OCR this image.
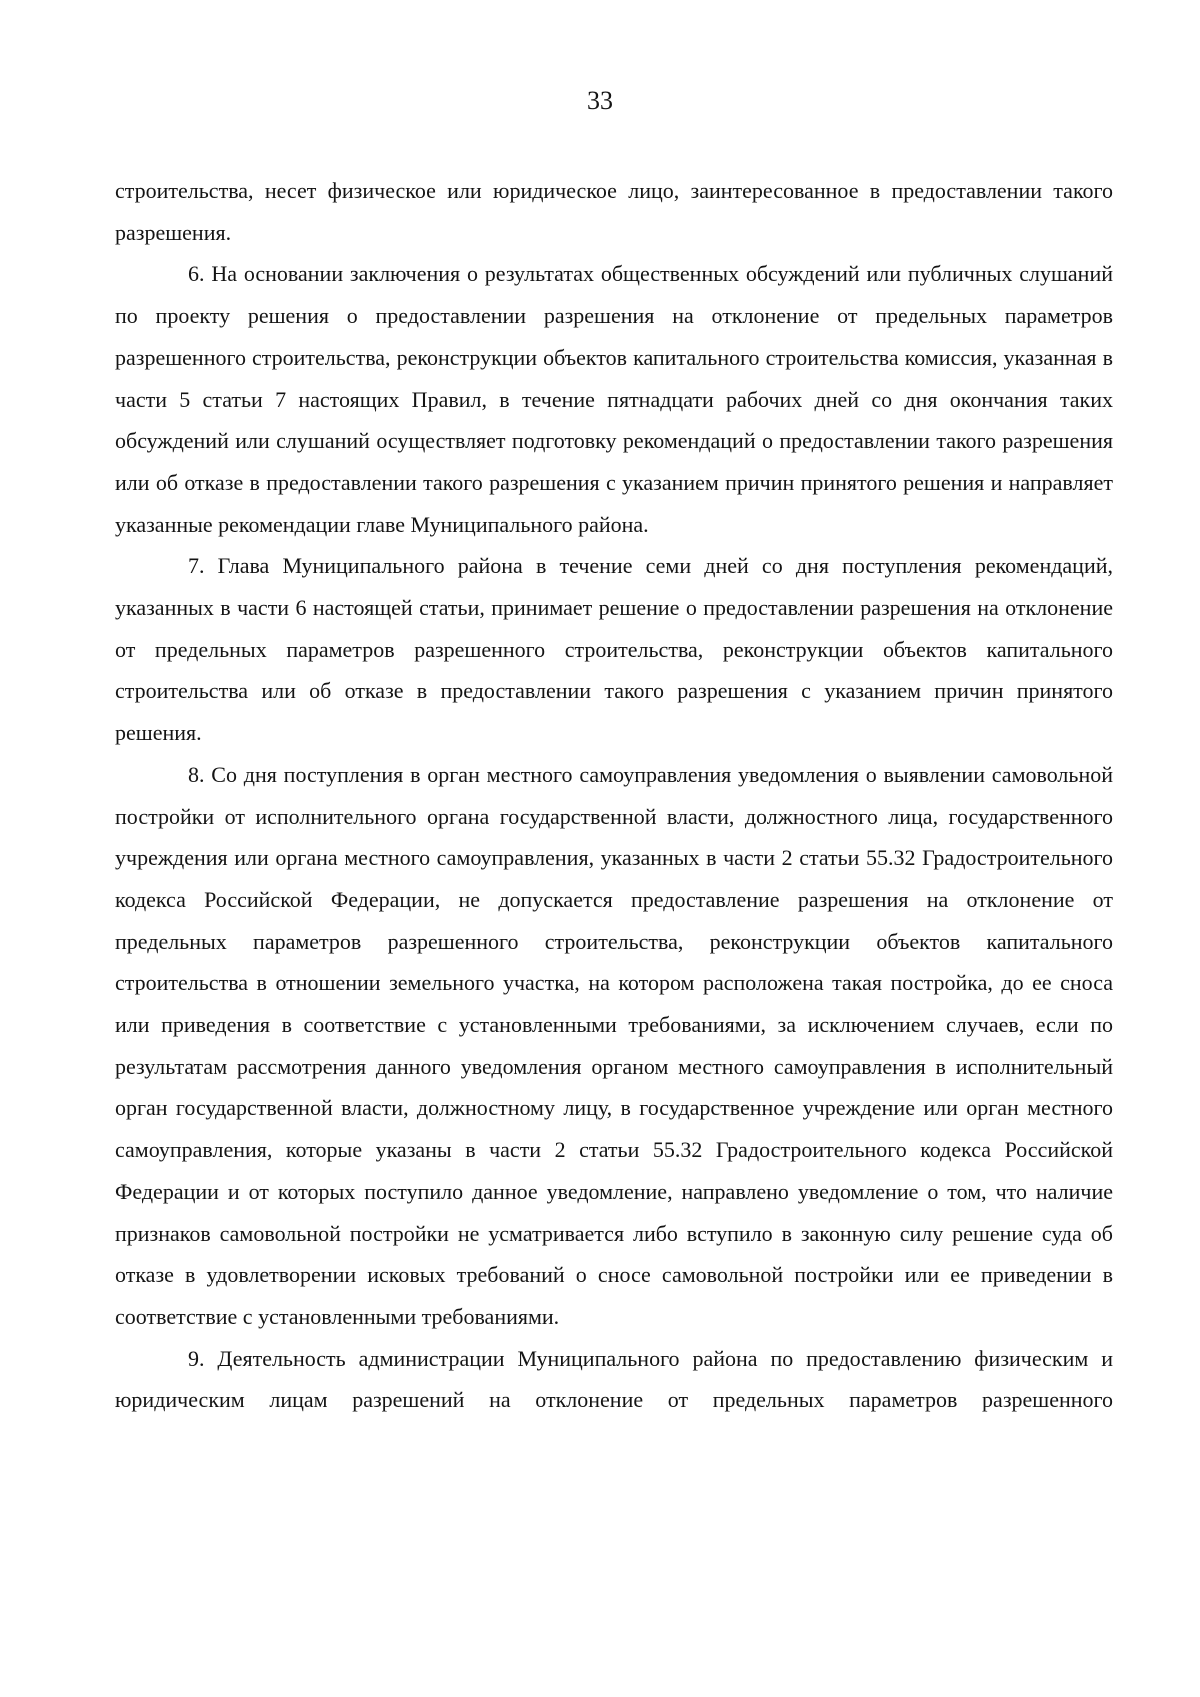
33

строительства, несет физическое или юридическое лицо, заинтересованное в предоставлении такого разрешения.

6. На основании заключения о результатах общественных обсуждений или публичных слушаний по проекту решения о предоставлении разрешения на отклонение от предельных параметров разрешенного строительства, реконструкции объектов капитального строительства комиссия, указанная в части 5 статьи 7 настоящих Правил, в течение пятнадцати рабочих дней со дня окончания таких обсуждений или слушаний осуществляет подготовку рекомендаций о предоставлении такого разрешения или об отказе в предоставлении такого разрешения с указанием причин принятого решения и направляет указанные рекомендации главе Муниципального района.

7. Глава Муниципального района в течение семи дней со дня поступления рекомендаций, указанных в части 6 настоящей статьи, принимает решение о предоставлении разрешения на отклонение от предельных параметров разрешенного строительства, реконструкции объектов капитального строительства или об отказе в предоставлении такого разрешения с указанием причин принятого решения.

8. Со дня поступления в орган местного самоуправления уведомления о выявлении самовольной постройки от исполнительного органа государственной власти, должностного лица, государственного учреждения или органа местного самоуправления, указанных в части 2 статьи 55.32 Градостроительного кодекса Российской Федерации, не допускается предоставление разрешения на отклонение от предельных параметров разрешенного строительства, реконструкции объектов капитального строительства в отношении земельного участка, на котором расположена такая постройка, до ее сноса или приведения в соответствие с установленными требованиями, за исключением случаев, если по результатам рассмотрения данного уведомления органом местного самоуправления в исполнительный орган государственной власти, должностному лицу, в государственное учреждение или орган местного самоуправления, которые указаны в части 2 статьи 55.32 Градостроительного кодекса Российской Федерации и от которых поступило данное уведомление, направлено уведомление о том, что наличие признаков самовольной постройки не усматривается либо вступило в законную силу решение суда об отказе в удовлетворении исковых требований о сносе самовольной постройки или ее приведении в соответствие с установленными требованиями.

9. Деятельность администрации Муниципального района по предоставлению физическим и юридическим лицам разрешений на отклонение от предельных параметров разрешенного
